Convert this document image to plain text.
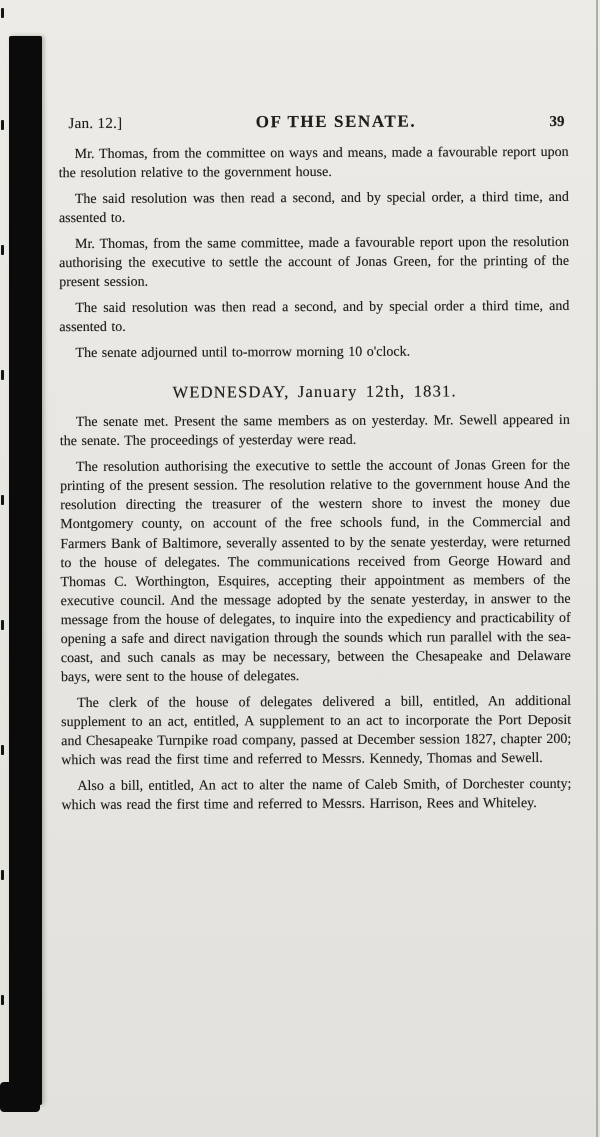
Jan. 12.]	OF THE SENATE.	39

Mr. Thomas, from the committee on ways and means, made a favourable report upon the resolution relative to the government house.

The said resolution was then read a second, and by special order, a third time, and assented to.

Mr. Thomas, from the same committee, made a favourable report upon the resolution authorising the executive to settle the account of Jonas Green, for the printing of the present session.

The said resolution was then read a second, and by special order a third time, and assented to.

The senate adjourned until to-morrow morning 10 o'clock.

WEDNESDAY, January 12th, 1831.

The senate met. Present the same members as on yesterday. Mr. Sewell appeared in the senate. The proceedings of yesterday were read.

The resolution authorising the executive to settle the account of Jonas Green for the printing of the present session. The resolution relative to the government house And the resolution directing the treasurer of the western shore to invest the money due Montgomery county, on account of the free schools fund, in the Commercial and Farmers Bank of Baltimore, severally assented to by the senate yesterday, were returned to the house of delegates. The communications received from George Howard and Thomas C. Worthington, Esquires, accepting their appointment as members of the executive council. And the message adopted by the senate yesterday, in answer to the message from the house of delegates, to inquire into the expediency and practicability of opening a safe and direct navigation through the sounds which run parallel with the sea-coast, and such canals as may be necessary, between the Chesapeake and Delaware bays, were sent to the house of delegates.

The clerk of the house of delegates delivered a bill, entitled, An additional supplement to an act, entitled, A supplement to an act to incorporate the Port Deposit and Chesapeake Turnpike road company, passed at December session 1827, chapter 200; which was read the first time and referred to Messrs. Kennedy, Thomas and Sewell.

Also a bill, entitled, An act to alter the name of Caleb Smith, of Dorchester county; which was read the first time and referred to Messrs. Harrison, Rees and Whiteley.
